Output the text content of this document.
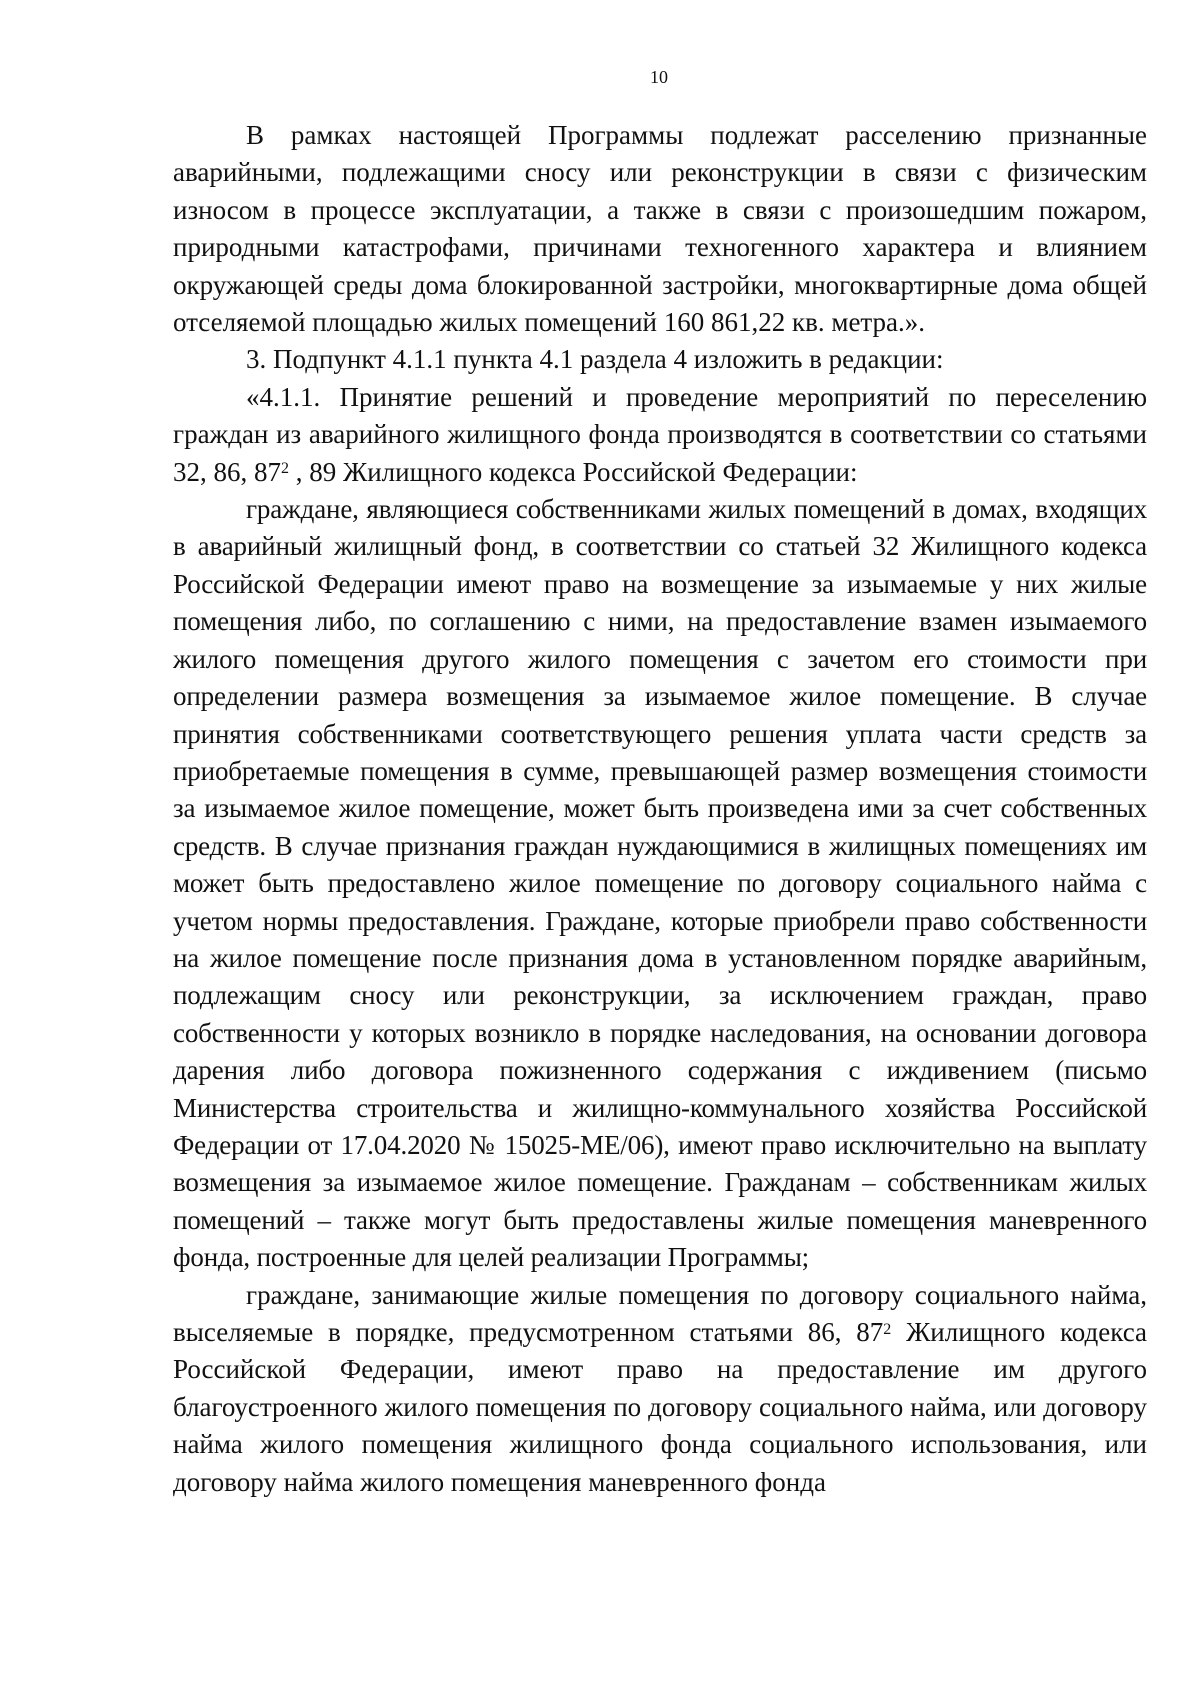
10

В рамках настоящей Программы подлежат расселению признанные аварийными, подлежащими сносу или реконструкции в связи с физическим износом в процессе эксплуатации, а также в связи с произошедшим пожаром, природными катастрофами, причинами техногенного характера и влиянием окружающей среды дома блокированной застройки, многоквартирные дома общей отселяемой площадью жилых помещений 160 861,22 кв. метра.».

3. Подпункт 4.1.1 пункта 4.1 раздела 4 изложить в редакции:

«4.1.1. Принятие решений и проведение мероприятий по переселению граждан из аварийного жилищного фонда производятся в соответствии со статьями 32, 86, $87^2$ , 89 Жилищного кодекса Российской Федерации:

граждане, являющиеся собственниками жилых помещений в домах, входящих в аварийный жилищный фонд, в соответствии со статьей 32 Жилищного кодекса Российской Федерации имеют право на возмещение за изымаемые у них жилые помещения либо, по соглашению с ними, на предоставление взамен изымаемого жилого помещения другого жилого помещения с зачетом его стоимости при определении размера возмещения за изымаемое жилое помещение. В случае принятия собственниками соответствующего решения уплата части средств за приобретаемые помещения в сумме, превышающей размер возмещения стоимости за изымаемое жилое помещение, может быть произведена ими за счет собственных средств. В случае признания граждан нуждающимися в жилищных помещениях им может быть предоставлено жилое помещение по договору социального найма с учетом нормы предоставления. Граждане, которые приобрели право собственности на жилое помещение после признания дома в установленном порядке аварийным, подлежащим сносу или реконструкции, за исключением граждан, право собственности у которых возникло в порядке наследования, на основании договора дарения либо договора пожизненного содержания с иждивением (письмо Министерства строительства и жилищно-коммунального хозяйства Российской Федерации от 17.04.2020 № 15025-МЕ/06), имеют право исключительно на выплату возмещения за изымаемое жилое помещение. Гражданам – собственникам жилых помещений – также могут быть предоставлены жилые помещения маневренного фонда, построенные для целей реализации Программы;

граждане, занимающие жилые помещения по договору социального найма, выселяемые в порядке, предусмотренном статьями 86, $87^2$ Жилищного кодекса Российской Федерации, имеют право на предоставление им другого благоустроенного жилого помещения по договору социального найма, или договору найма жилого помещения жилищного фонда социального использования, или договору найма жилого помещения маневренного фонда
